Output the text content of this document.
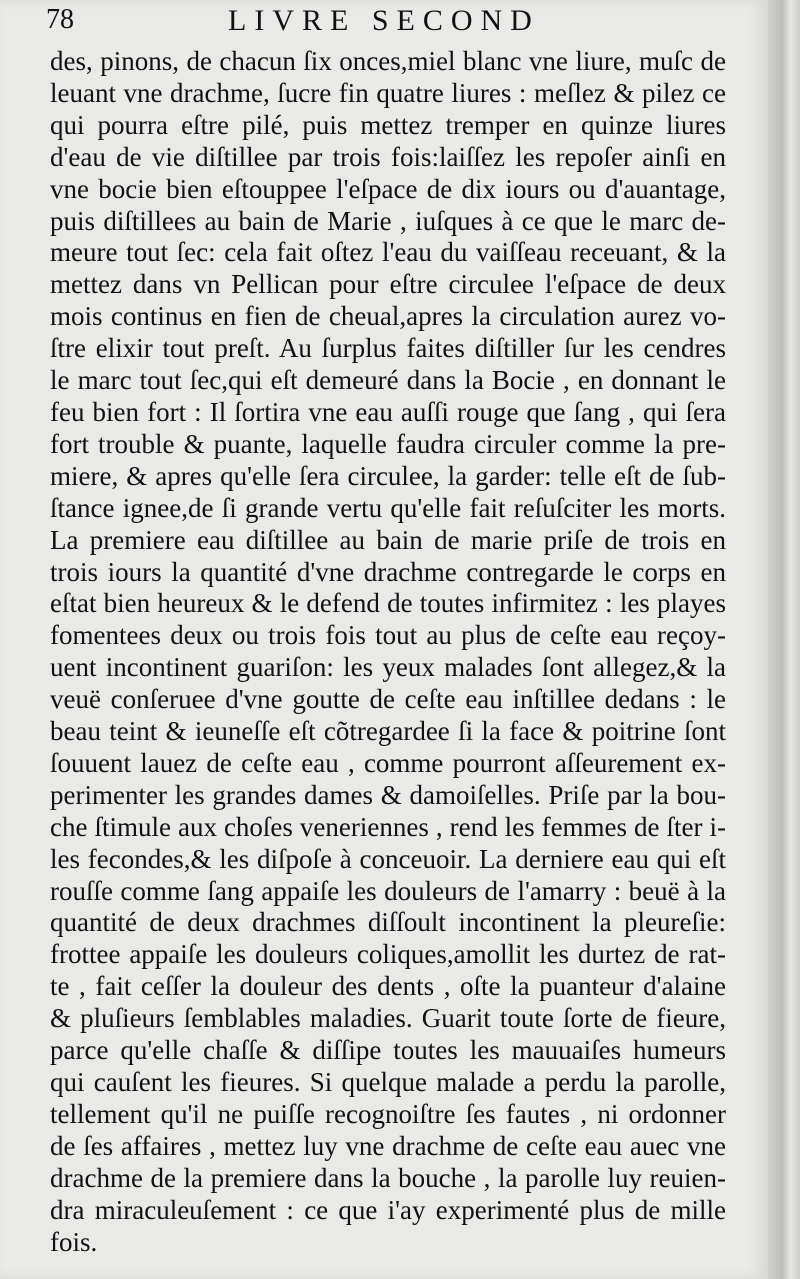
78	LIVRE SECOND
des, pinons, de chacun ſix onces,miel blanc vne liure, muſc de
leuant vne drachme, ſucre fin quatre liures : meſlez & pilez ce
qui pourra eſtre pilé, puis mettez tremper en quinze liures
d'eau de vie diſtillee par trois fois:laiſſez les repoſer ainſi en
vne bocie bien eſtouppee l'eſpace de dix iours ou d'auantage,
puis diſtillees au bain de Marie , iuſques à ce que le marc de-
meure tout ſec: cela fait oſtez l'eau du vaiſſeau receuant, & la
mettez dans vn Pellican pour eſtre circulee l'eſpace de deux
mois continus en fien de cheual,apres la circulation aurez vo-
ſtre elixir tout preſt. Au ſurplus faites diſtiller ſur les cendres
le marc tout ſec,qui eſt demeuré dans la Bocie , en donnant le
feu bien fort : Il ſortira vne eau auſſi rouge que ſang , qui ſera
fort trouble & puante, laquelle faudra circuler comme la pre-
miere, & apres qu'elle ſera circulee, la garder: telle eſt de ſub-
ſtance ignee,de ſi grande vertu qu'elle fait reſuſciter les morts.
La premiere eau diſtillee au bain de marie priſe de trois en
trois iours la quantité d'vne drachme contregarde le corps en
eſtat bien heureux & le defend de toutes infirmitez : les playes
fomentees deux ou trois fois tout au plus de ceſte eau reçoy-
uent incontinent guariſon: les yeux malades ſont allegez,& la
veuë conſeruee d'vne goutte de ceſte eau inſtillee dedans : le
beau teint & ieuneſſe eſt cõtregardee ſi la face & poitrine ſont
ſouuent lauez de ceſte eau , comme pourront aſſeurement ex-
perimenter les grandes dames & damoiſelles. Priſe par la bou-
che ſtimule aux choſes veneriennes , rend les femmes de ſter i-
les fecondes,& les diſpoſe à conceuoir. La derniere eau qui eſt
rouſſe comme ſang appaiſe les douleurs de l'amarry : beuë à la
quantité de deux drachmes diſſoult incontinent la pleureſie:
frottee appaiſe les douleurs coliques,amollit les durtez de rat-
te , fait ceſſer la douleur des dents , oſte la puanteur d'alaine
& pluſieurs ſemblables maladies. Guarit toute ſorte de fieure,
parce qu'elle chaſſe & diſſipe toutes les mauuaiſes humeurs
qui cauſent les fieures. Si quelque malade a perdu la parolle,
tellement qu'il ne puiſſe recognoiſtre ſes fautes , ni ordonner
de ſes affaires , mettez luy vne drachme de ceſte eau auec vne
drachme de la premiere dans la bouche , la parolle luy reuien-
dra miraculeuſement : ce que i'ay experimenté plus de mille
fois.
